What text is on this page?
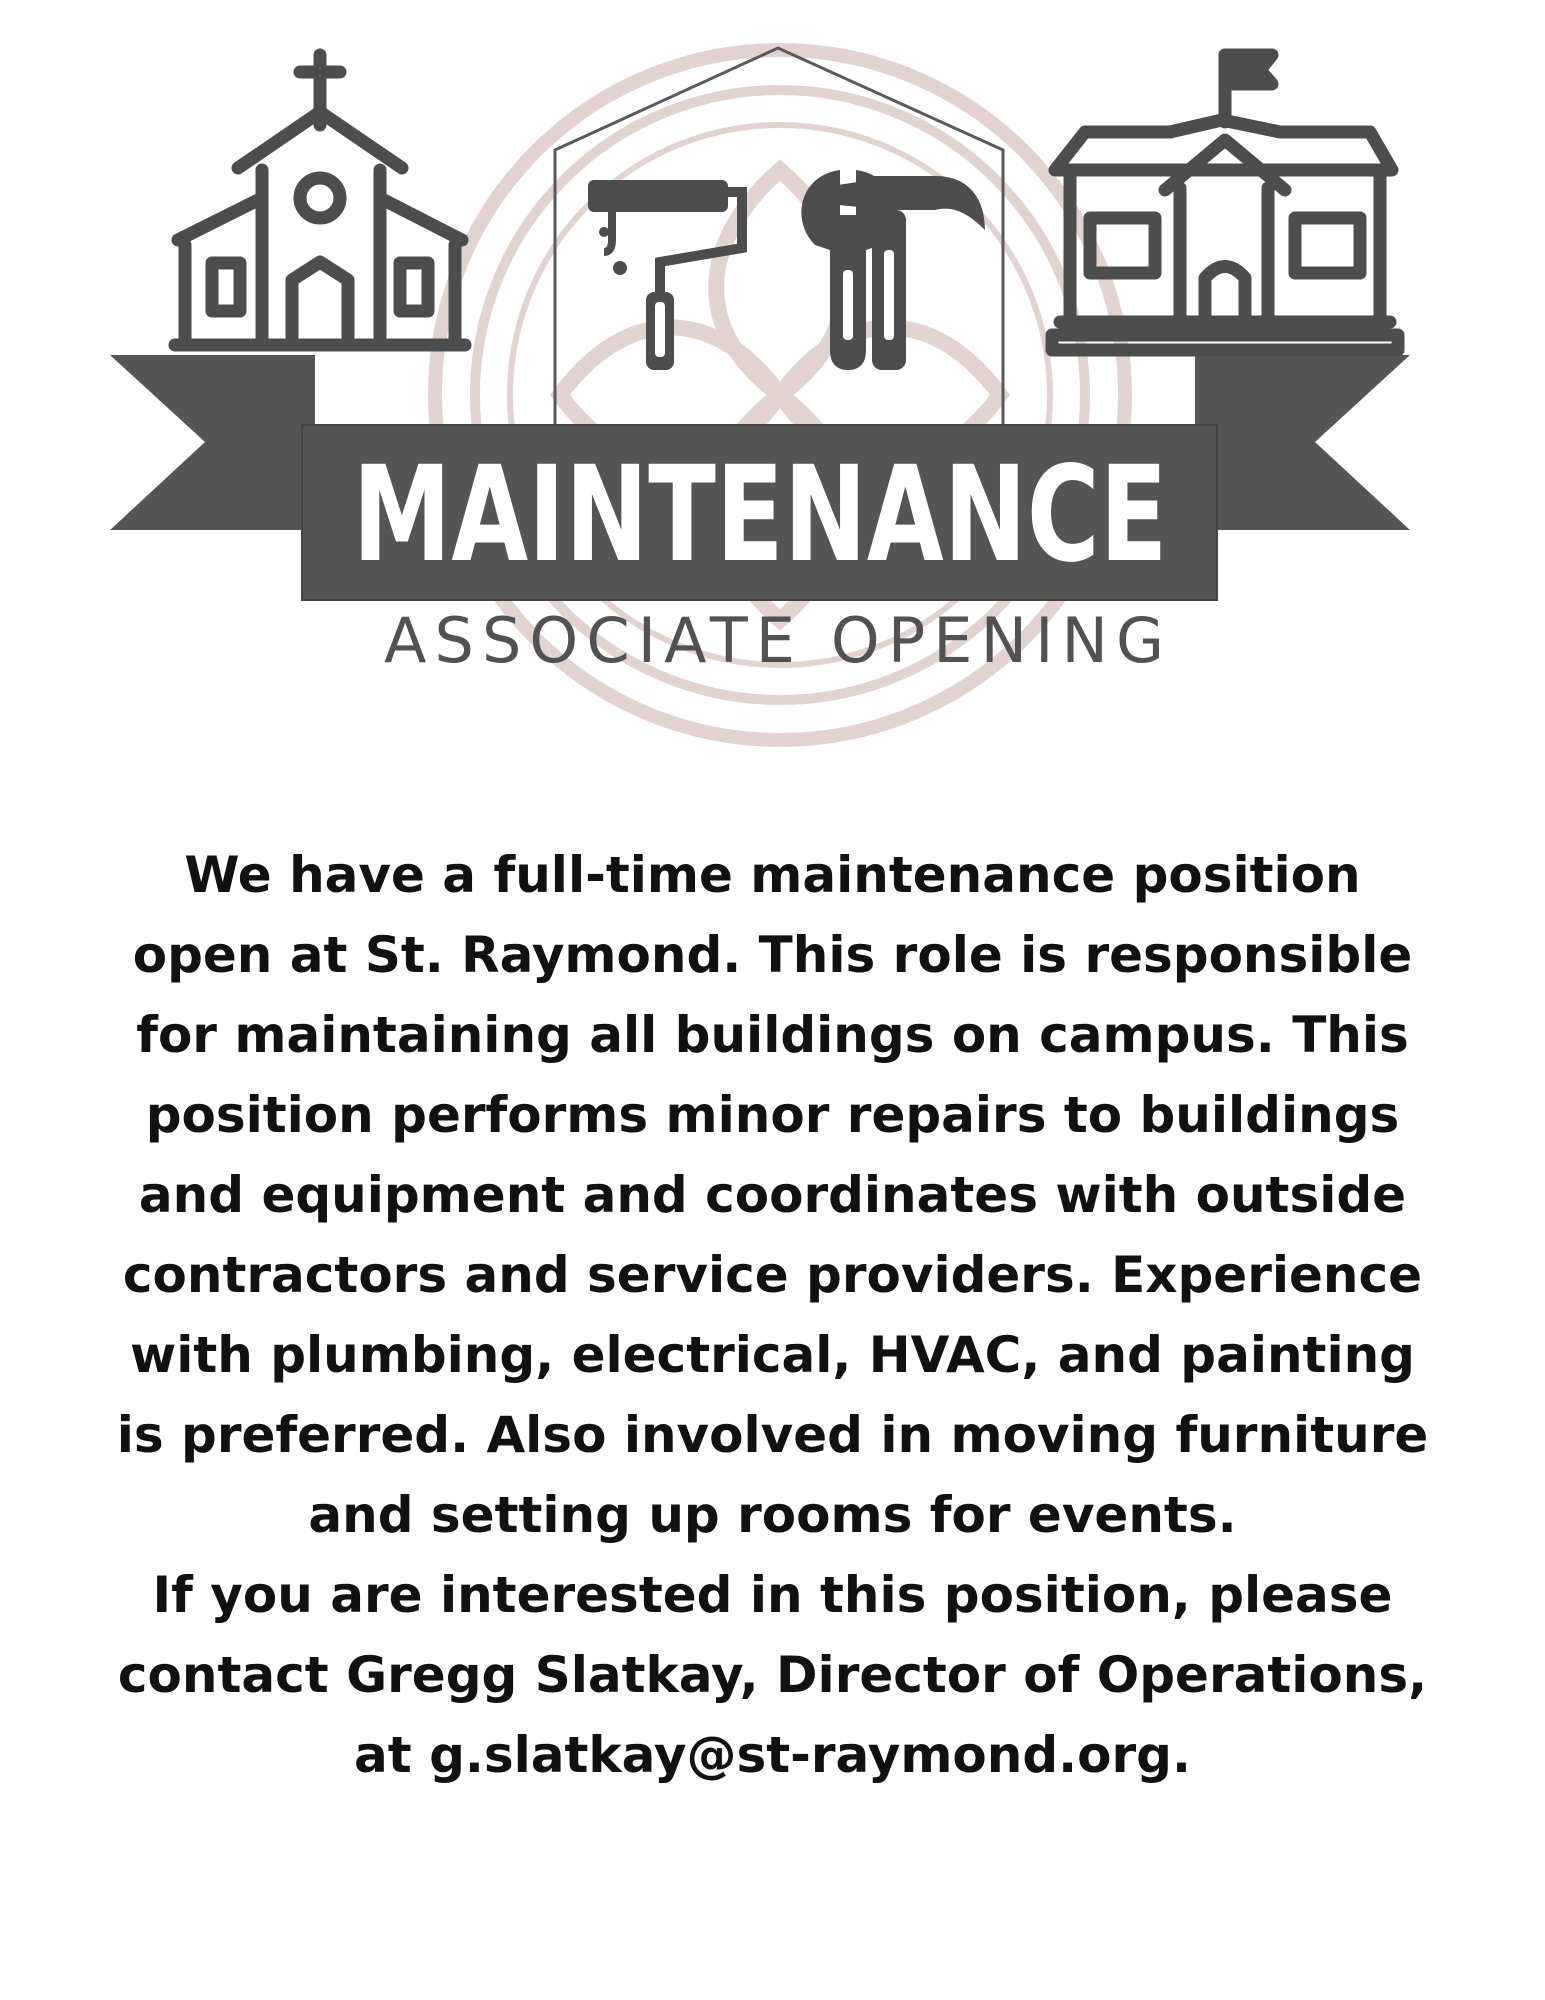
MAINTENANCE
ASSOCIATE OPENING

We have a full-time maintenance position
open at St. Raymond. This role is responsible
for maintaining all buildings on campus. This
position performs minor repairs to buildings
and equipment and coordinates with outside
contractors and service providers. Experience
with plumbing, electrical, HVAC, and painting
is preferred. Also involved in moving furniture
and setting up rooms for events.
If you are interested in this position, please
contact Gregg Slatkay, Director of Operations,
at g.slatkay@st-raymond.org.
